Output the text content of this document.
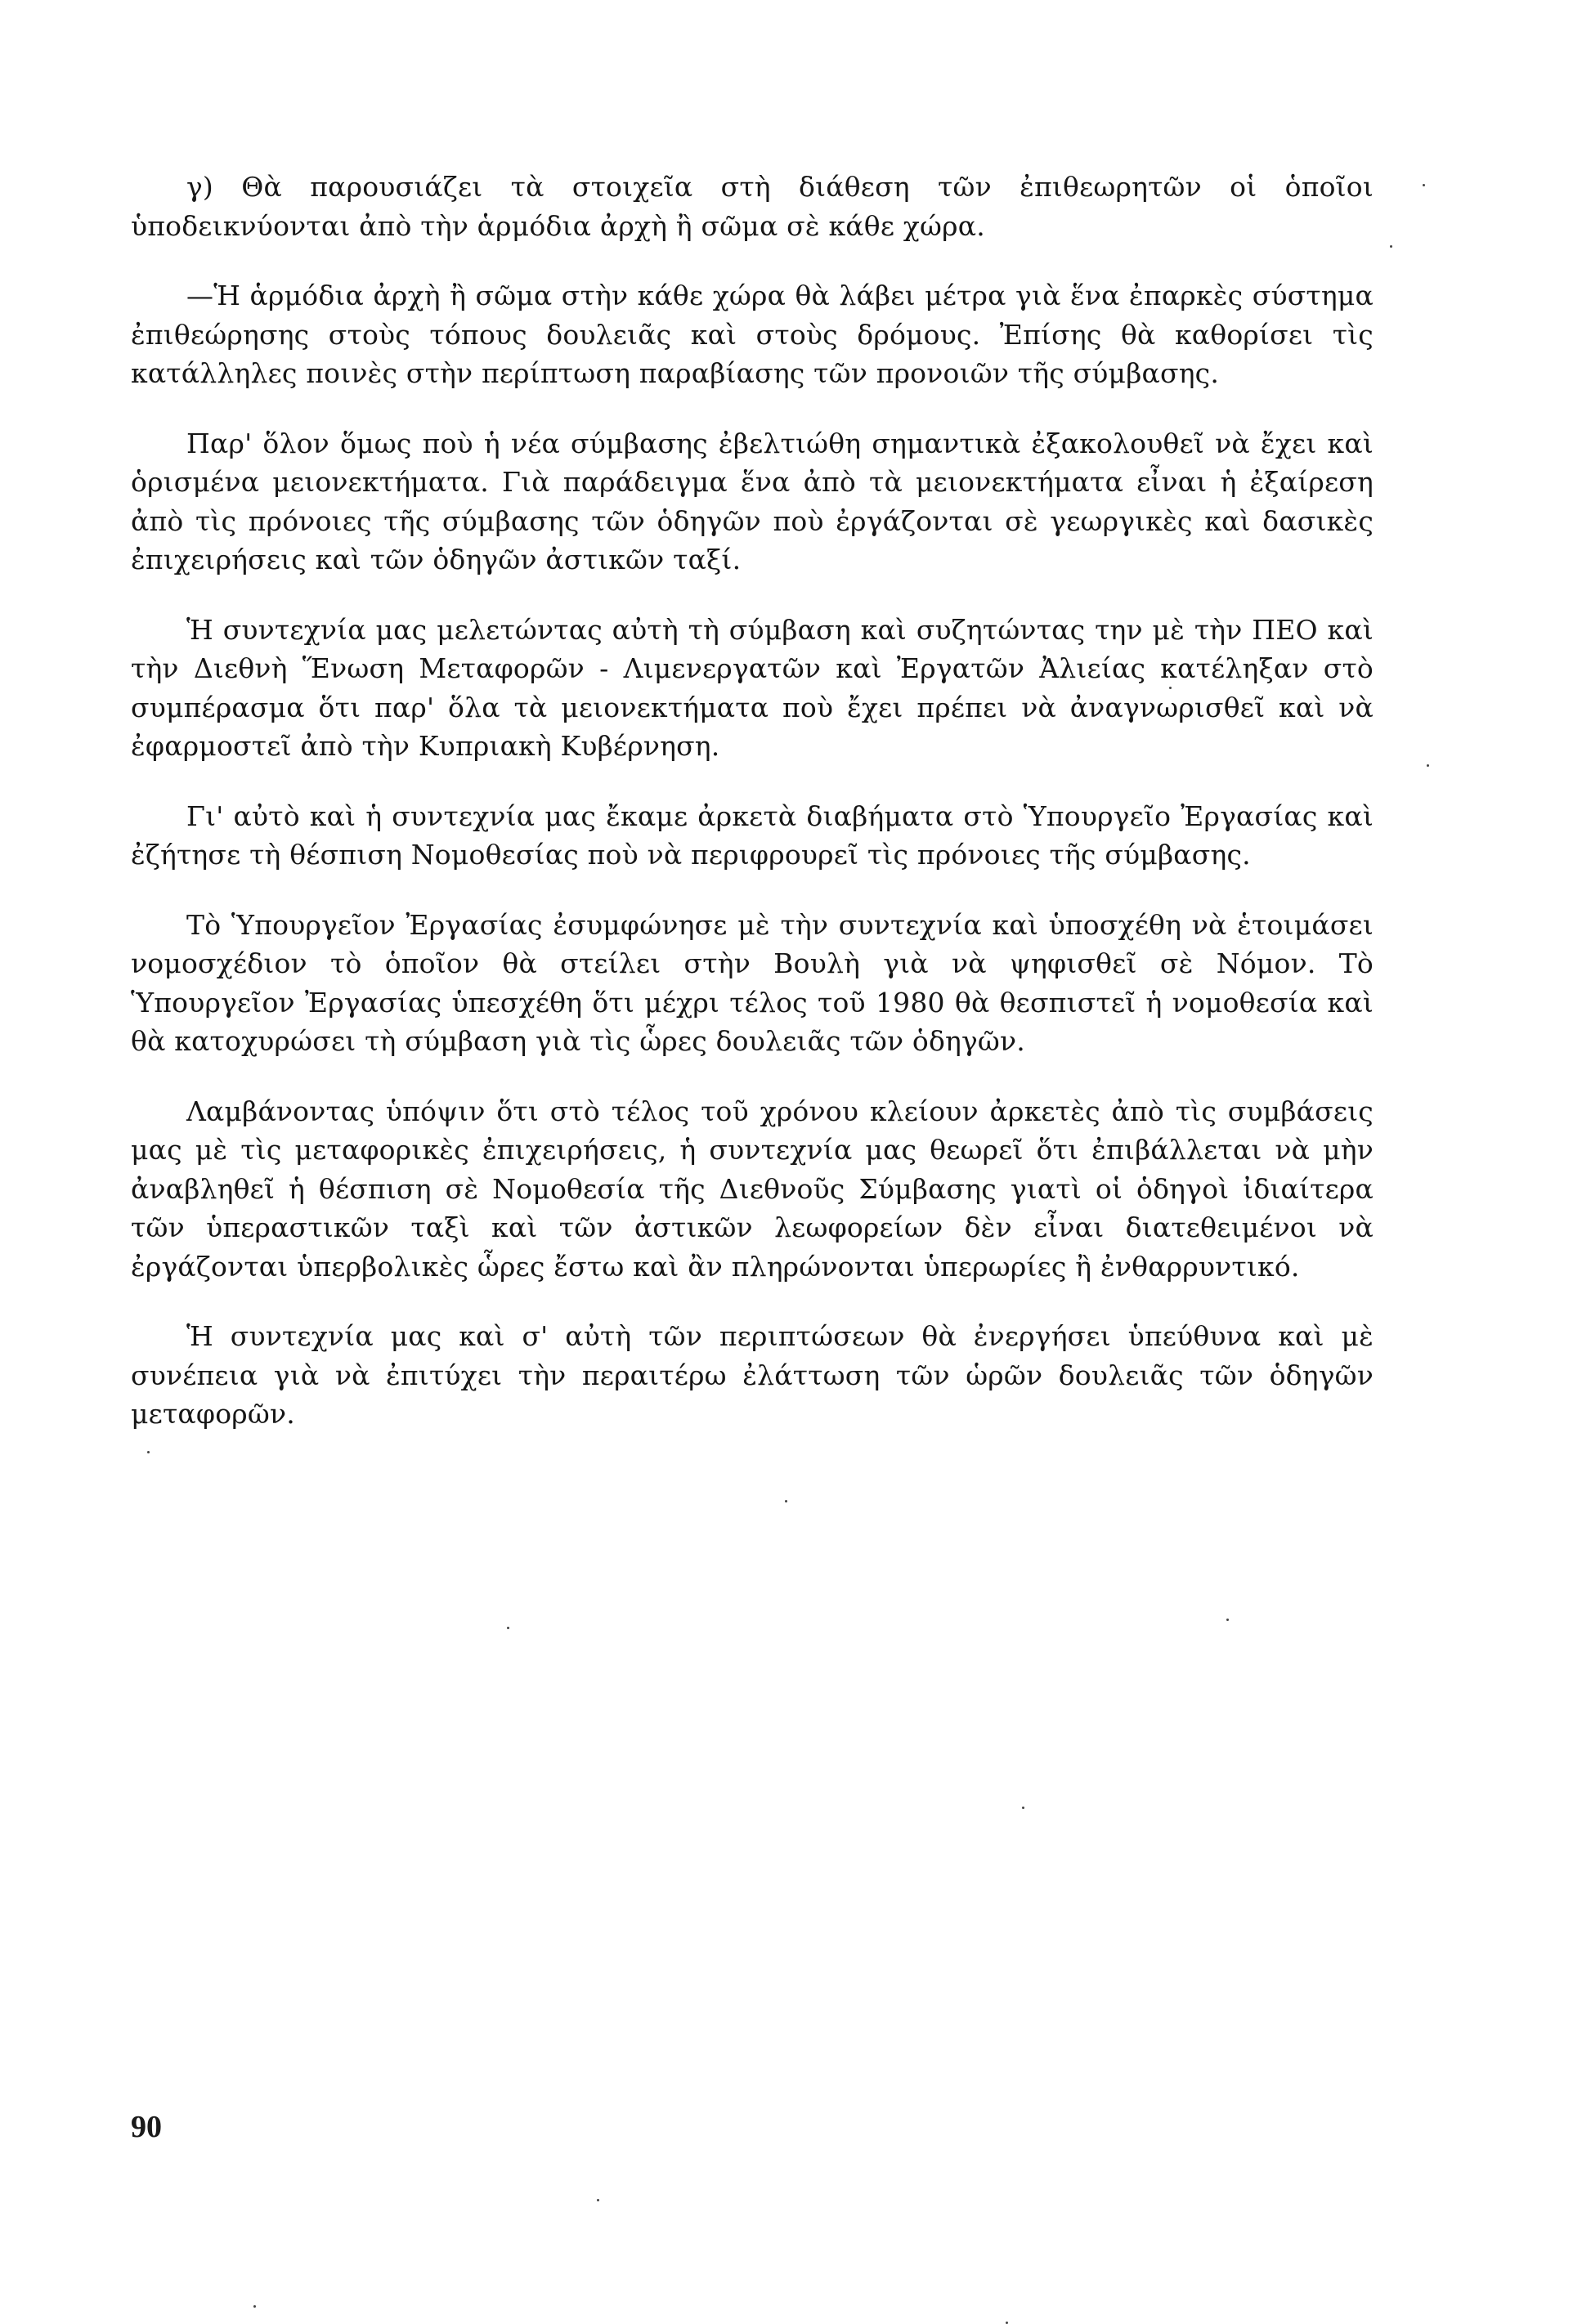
γ) Θὰ παρουσιάζει τὰ στοιχεῖα στὴ διάθεση τῶν ἐπιθεωρητῶν οἱ ὁποῖοι ὑποδεικνύονται ἀπὸ τὴν ἁρμόδια ἀρχὴ ἢ σῶμα σὲ κάθε χώρα.

—Ἡ ἁρμόδια ἀρχὴ ἢ σῶμα στὴν κάθε χώρα θὰ λάβει μέτρα γιὰ ἕνα ἐπαρκὲς σύστημα ἐπιθεώρησης στοὺς τόπους δουλειᾶς καὶ στοὺς δρόμους. Ἐπίσης θὰ καθορίσει τὶς κατάλληλες ποινὲς στὴν περίπτωση παραβίασης τῶν προνοιῶν τῆς σύμβασης.

Παρ' ὅλον ὅμως ποὺ ἡ νέα σύμβασης ἐβελτιώθη σημαντικὰ ἐξακολουθεῖ νὰ ἔχει καὶ ὁρισμένα μειονεκτήματα. Γιὰ παράδειγμα ἕνα ἀπὸ τὰ μειονεκτήματα εἶναι ἡ ἐξαίρεση ἀπὸ τὶς πρόνοιες τῆς σύμβασης τῶν ὁδηγῶν ποὺ ἐργάζονται σὲ γεωργικὲς καὶ δασικὲς ἐπιχειρήσεις καὶ τῶν ὁδηγῶν ἀστικῶν ταξί.

Ἡ συντεχνία μας μελετώντας αὐτὴ τὴ σύμβαση καὶ συζητώντας την μὲ τὴν ΠΕΟ καὶ τὴν Διεθνὴ Ἕνωση Μεταφορῶν - Λιμενεργατῶν καὶ Ἐργατῶν Ἀλιείας κατέληξαν στὸ συμπέρασμα ὅτι παρ' ὅλα τὰ μειονεκτήματα ποὺ ἔχει πρέπει νὰ ἀναγνωρισθεῖ καὶ νὰ ἐφαρμοστεῖ ἀπὸ τὴν Κυπριακὴ Κυβέρνηση.

Γι' αὐτὸ καὶ ἡ συντεχνία μας ἔκαμε ἀρκετὰ διαβήματα στὸ Ὑπουργεῖο Ἐργασίας καὶ ἐζήτησε τὴ θέσπιση Νομοθεσίας ποὺ νὰ περιφρουρεῖ τὶς πρόνοιες τῆς σύμβασης.

Τὸ Ὑπουργεῖον Ἐργασίας ἐσυμφώνησε μὲ τὴν συντεχνία καὶ ὑποσχέθη νὰ ἑτοιμάσει νομοσχέδιον τὸ ὁποῖον θὰ στείλει στὴν Βουλὴ γιὰ νὰ ψηφισθεῖ σὲ Νόμον. Τὸ Ὑπουργεῖον Ἐργασίας ὑπεσχέθη ὅτι μέχρι τέλος τοῦ 1980 θὰ θεσπιστεῖ ἡ νομοθεσία καὶ θὰ κατοχυρώσει τὴ σύμβαση γιὰ τὶς ὧρες δουλειᾶς τῶν ὁδηγῶν.

Λαμβάνοντας ὑπόψιν ὅτι στὸ τέλος τοῦ χρόνου κλείουν ἀρκετὲς ἀπὸ τὶς συμβάσεις μας μὲ τὶς μεταφορικὲς ἐπιχειρήσεις, ἡ συντεχνία μας θεωρεῖ ὅτι ἐπιβάλλεται νὰ μὴν ἀναβληθεῖ ἡ θέσπιση σὲ Νομοθεσία τῆς Διεθνοῦς Σύμβασης γιατὶ οἱ ὁδηγοὶ ἰδιαίτερα τῶν ὑπεραστικῶν ταξὶ καὶ τῶν ἀστικῶν λεωφορείων δὲν εἶναι διατεθειμένοι νὰ ἐργάζονται ὑπερβολικὲς ὧρες ἔστω καὶ ἂν πληρώνονται ὑπερωρίες ἢ ἐνθαρρυντικό.

Ἡ συντεχνία μας καὶ σ' αὐτὴ τῶν περιπτώσεων θὰ ἐνεργήσει ὑπεύθυνα καὶ μὲ συνέπεια γιὰ νὰ ἐπιτύχει τὴν περαιτέρω ἐλάττωση τῶν ὡρῶν δουλειᾶς τῶν ὁδηγῶν μεταφορῶν.

90
